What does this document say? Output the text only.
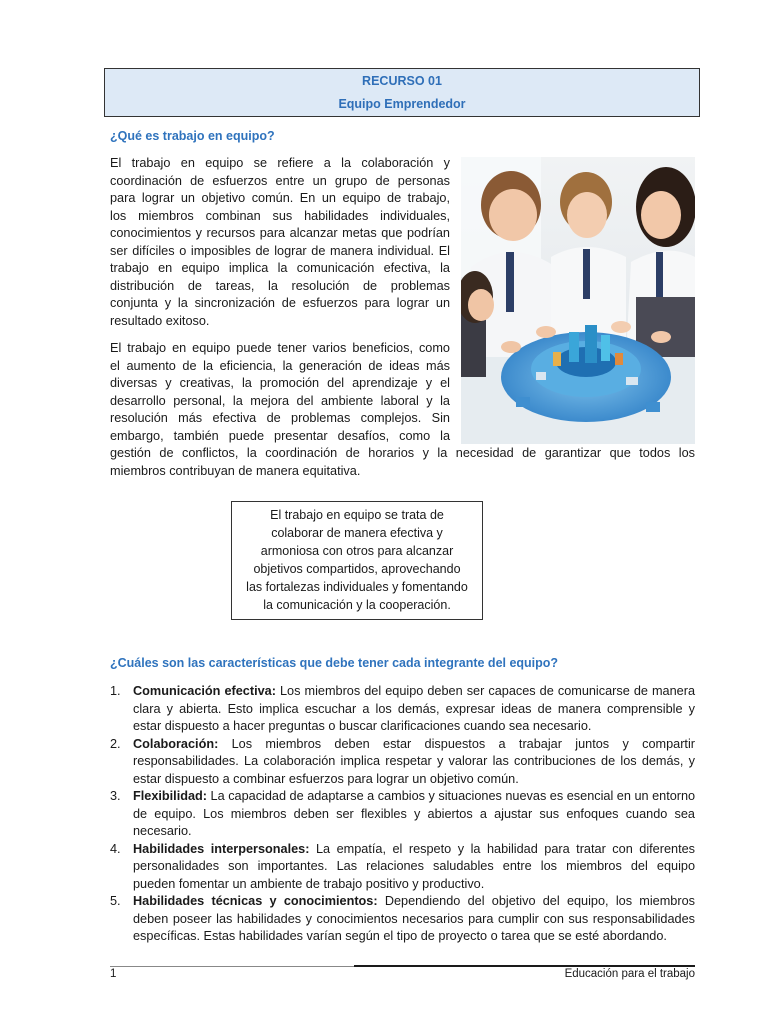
RECURSO 01
Equipo Emprendedor
¿Qué es trabajo en equipo?
El trabajo en equipo se refiere a la colaboración y
coordinación de esfuerzos entre un grupo de personas
para lograr un objetivo común. En un equipo de trabajo,
los miembros combinan sus habilidades individuales,
conocimientos y recursos para alcanzar metas que podrían
ser difíciles o imposibles de lograr de manera individual. El
trabajo en equipo implica la comunicación efectiva, la
distribución de tareas, la resolución de problemas
conjunta y la sincronización de esfuerzos para lograr un
resultado exitoso.
El trabajo en equipo puede tener varios beneficios, como
el aumento de la eficiencia, la generación de ideas más
diversas y creativas, la promoción del aprendizaje y el
desarrollo personal, la mejora del ambiente laboral y la
resolución más efectiva de problemas complejos. Sin
embargo, también puede presentar desafíos, como la
gestión de conflictos, la coordinación de horarios y la necesidad de garantizar que todos los
miembros contribuyan de manera equitativa.
El trabajo en equipo se trata de
colaborar de manera efectiva y
armoniosa con otros para alcanzar
objetivos compartidos, aprovechando
las fortalezas individuales y fomentando
la comunicación y la cooperación.
¿Cuáles son las características que debe tener cada integrante del equipo?
1. Comunicación efectiva: Los miembros del equipo deben ser capaces de comunicarse de manera
clara y abierta. Esto implica escuchar a los demás, expresar ideas de manera comprensible y
estar dispuesto a hacer preguntas o buscar clarificaciones cuando sea necesario.
2. Colaboración: Los miembros deben estar dispuestos a trabajar juntos y compartir
responsabilidades. La colaboración implica respetar y valorar las contribuciones de los demás, y
estar dispuesto a combinar esfuerzos para lograr un objetivo común.
3. Flexibilidad: La capacidad de adaptarse a cambios y situaciones nuevas es esencial en un entorno
de equipo. Los miembros deben ser flexibles y abiertos a ajustar sus enfoques cuando sea
necesario.
4. Habilidades interpersonales: La empatía, el respeto y la habilidad para tratar con diferentes
personalidades son importantes. Las relaciones saludables entre los miembros del equipo
pueden fomentar un ambiente de trabajo positivo y productivo.
5. Habilidades técnicas y conocimientos: Dependiendo del objetivo del equipo, los miembros
deben poseer las habilidades y conocimientos necesarios para cumplir con sus responsabilidades
específicas. Estas habilidades varían según el tipo de proyecto o tarea que se esté abordando.
1	Educación para el trabajo
